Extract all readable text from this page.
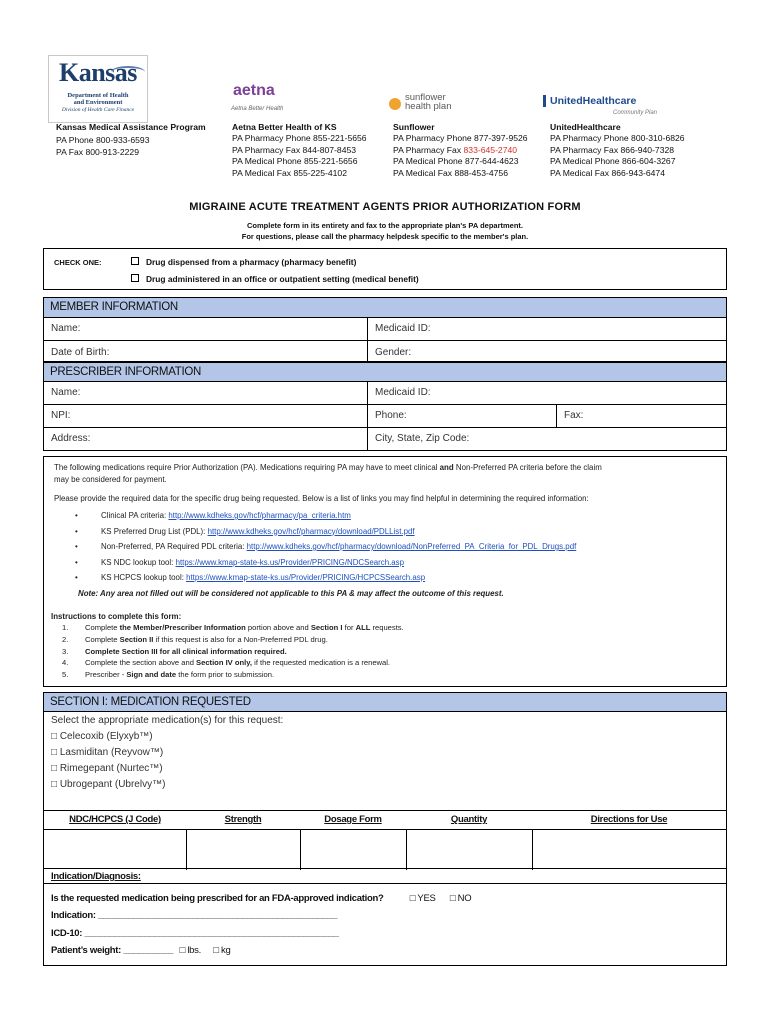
Kansas
Department of Health
and Environment
Division of Health Care Finance
aetna
Aetna Better Health
sunflower
health plan	UnitedHealthcare
Community Plan
Kansas Medical Assistance Program
PA Phone 800-933-6593
PA Fax 800-913-2229
Aetna Better Health of KS
PA Pharmacy Phone 855-221-5656
PA Pharmacy Fax 844-807-8453
PA Medical Phone 855-221-5656
PA Medical Fax 855-225-4102
Sunflower
PA Pharmacy Phone 877-397-9526
PA Pharmacy Fax 833-645-2740
PA Medical Phone 877-644-4623
PA Medical Fax 888-453-4756
UnitedHealthcare
PA Pharmacy Phone 800-310-6826
PA Pharmacy Fax 866-940-7328
PA Medical Phone 866-604-3267
PA Medical Fax 866-943-6474
MIGRAINE ACUTE TREATMENT AGENTS PRIOR AUTHORIZATION FORM
Complete form in its entirety and fax to the appropriate plan's PA department.
For questions, please call the pharmacy helpdesk specific to the member's plan.
CHECK ONE:	Drug dispensed from a pharmacy (pharmacy benefit)
Drug administered in an office or outpatient setting (medical benefit)
MEMBER INFORMATION
Name:	Medicaid ID:
Date of Birth:	Gender:
PRESCRIBER INFORMATION
Name:	Medicaid ID:
NPI:	Phone:	Fax:
Address:	City, State, Zip Code:

The following medications require Prior Authorization (PA). Medications requiring PA may have to meet clinical and Non-Preferred PA criteria before the claim
may be considered for payment.

Please provide the required data for the specific drug being requested. Below is a list of links you may find helpful in determining the required information:

•	Clinical PA criteria: http://www.kdheks.gov/hcf/pharmacy/pa_criteria.htm
•	KS Preferred Drug List (PDL): http://www.kdheks.gov/hcf/pharmacy/download/PDLList.pdf
•	Non-Preferred, PA Required PDL criteria: http://www.kdheks.gov/hcf/pharmacy/download/NonPreferred_PA_Criteria_for_PDL_Drugs.pdf
•	KS NDC lookup tool: https://www.kmap-state-ks.us/Provider/PRICING/NDCSearch.asp
•	KS HCPCS lookup tool: https://www.kmap-state-ks.us/Provider/PRICING/HCPCSSearch.asp

Note: Any area not filled out will be considered not applicable to this PA & may affect the outcome of this request.

Instructions to complete this form:

1. Complete the Member/Prescriber Information portion above and Section I for ALL requests.
2. Complete Section II if this request is also for a Non-Preferred PDL drug.
3. Complete Section III for all clinical information required.
4. Complete the section above and Section IV only, if the requested medication is a renewal.
5. Prescriber - Sign and date the form prior to submission.
SECTION I: MEDICATION REQUESTED
Select the appropriate medication(s) for this request:
□ Celecoxib (Elyxyb™)
□ Lasmiditan (Reyvow™)
□ Rimegepant (Nurtec™)
□ Ubrogepant (Ubrelvy™)
NDC/HCPCS (J Code)	Strength	Dosage Form	Quantity	Directions for Use
Indication/Diagnosis:
Is the requested medication being prescribed for an FDA-approved indication?	□ YES □ NO
Indication: ________________________________________________
ICD-10: ___________________________________________________
Patient’s weight: __________ □ lbs. □ kg
